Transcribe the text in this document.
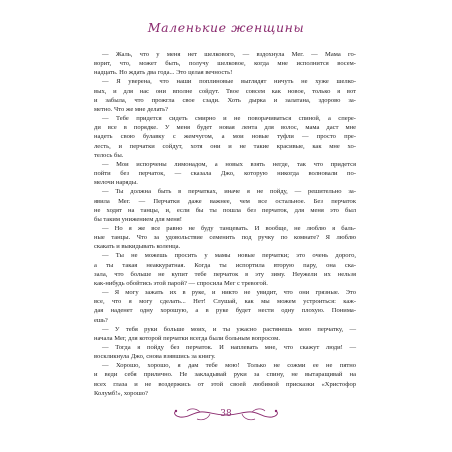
Маленькие женщины

— Жаль, что у меня нет шелкового, — вздохнула Мег. — Мама го-

ворит, что, может быть, получу шелковое, когда мне исполнится восем-

надцать. Но ждать два года... Это целая вечность!

— Я уверена, что наши поплиновые выглядят ничуть не хуже шелко-

вых, и для нас они вполне сойдут. Твое совсем как новое, только я вот

и забыла, что прожгла свое сзади. Хоть дырка и залатана, здорово за-

метно. Что же мне делать?

— Тебе придется сидеть смирно и не поворачиваться спиной, а спере-

ди все в порядке. У меня будет новая лента для волос, мама даст мне

надеть свою булавку с жемчугом, а мои новые туфли — просто пре-

лесть, и перчатки сойдут, хотя они и не такие красивые, как мне хо-

телось бы.

— Мои испорчены лимонадом, а новых взять негде, так что придется

пойти без перчаток, — сказала Джо, которую никогда волновали по-

мелочи наряды.

— Ты должна быть в перчатках, иначе я не пойду, — решительно за-

явила Мег. — Перчатки даже важнее, чем все остальное. Без перчаток

не ходят на танцы, и, если бы ты пошла без перчаток, для меня это был

бы таким унижением для меня!

— Но я же все равно не буду танцевать. И вообще, не люблю я баль-

ные танцы. Что за удовольствие семенить под ручку по комнате? Я люблю

скакать и выкидывать коленца.

— Ты не можешь просить у мамы новые перчатки; это очень дорого,

а ты такая неаккуратная. Когда ты испортила вторую пару, она ска-

зала, что больше не купит тебе перчаток в эту зиму. Неужели их нельзя

как-нибудь обойтись этой парой? — спросила Мег с тревогой.

— Я могу зажать их в руке, и никто не увидит, что они грязные. Это

все, что я могу сделать... Нет! Слушай, как мы можем устроиться: каж-

дая наденет одну хорошую, а в руке будет нести одну плохую. Понима-

ешь?

— У тебя руки больше моих, и ты ужасно растянешь мою перчатку, —

начала Мег, для которой перчатки всегда были больным вопросом.

— Тогда я пойду без перчаток. И наплевать мне, что скажут люди! —

воскликнула Джо, снова взявшись за книгу.

— Хорошо, хорошо, я дам тебе мою! Только не сожми ее не пятно

и веди себя прилично. Не закладывай руки за спину, не вытаращивай на

всех глаза и не воздержись от этой своей любимой присказки «Христофор

Колумб!», хорошо?

38
